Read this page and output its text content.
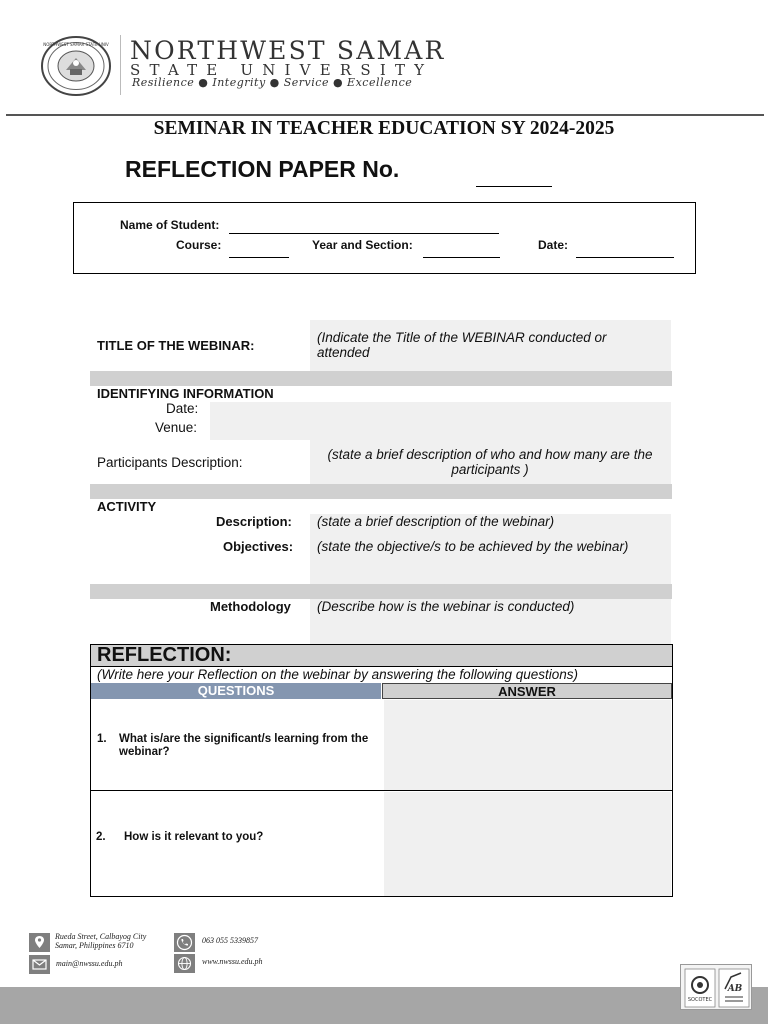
NORTHWEST SAMAR STATE UNIV NORTHWEST SAMAR
STATE UNIVERSITY
Resilience ● Integrity ● Service ● Excellence
SEMINAR IN TEACHER EDUCATION SY 2024-2025
REFLECTION PAPER No.
Name of Student:
Course:	Year and Section:	Date:
TITLE OF THE WEBINAR:
(Indicate the Title of the WEBINAR conducted or attended
IDENTIFYING INFORMATION
Date:
Venue:
Participants Description:
(state a brief description of who and how many are the participants )
ACTIVITY
Description: (state a brief description of the webinar)
Objectives: (state the objective/s to be achieved by the webinar)
Methodology (Describe how is the webinar is conducted)
REFLECTION:
(Write here your Reflection on the webinar by answering the following questions)
QUESTIONS	ANSWER
1. What is/are the significant/s learning from the webinar?
2. How is it relevant to you?
Rueda Street, Calbayog City
Samar, Philippines 6710
063 055 5339857
main@nwssu.edu.ph	www.nwssu.edu.ph
SOCOTEC
AB
